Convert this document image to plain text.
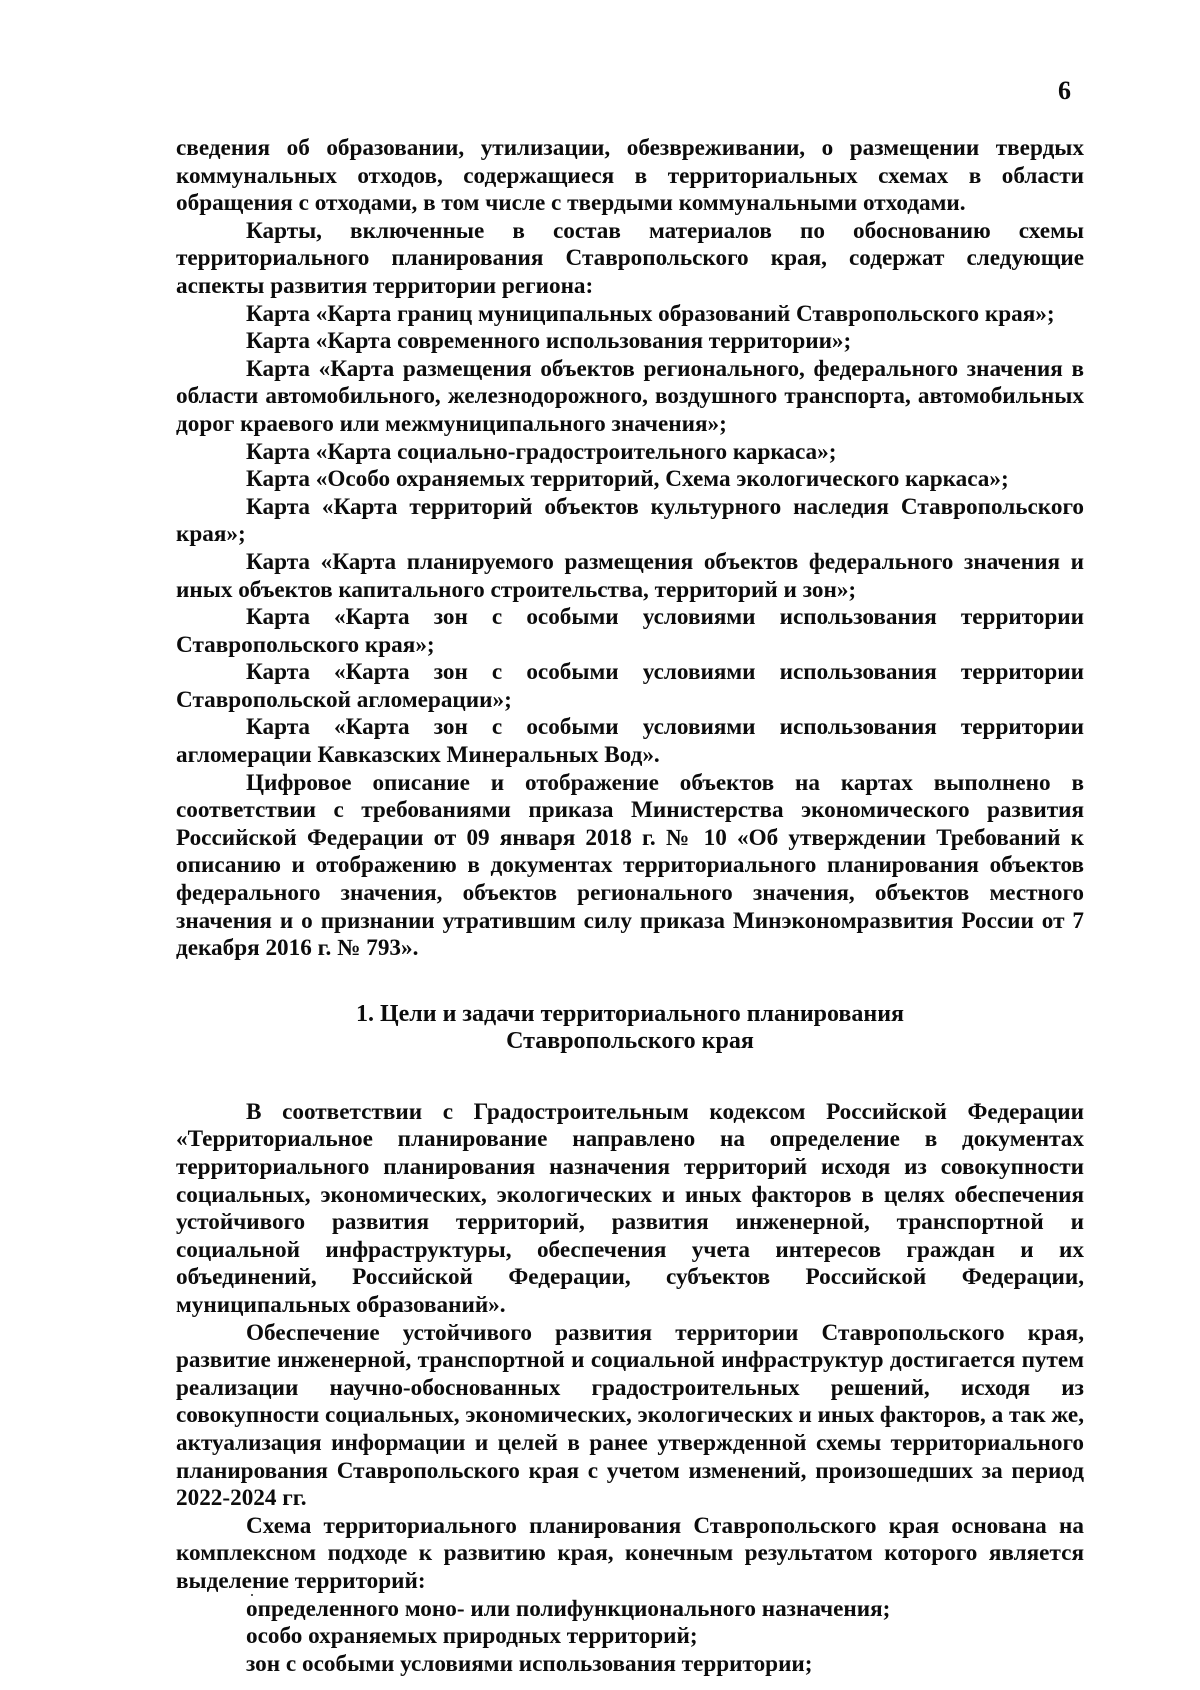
6

сведения об образовании, утилизации, обезвреживании, о размещении твердых коммунальных отходов, содержащиеся в территориальных схемах в области обращения с отходами, в том числе с твердыми коммунальными отходами.

Карты, включенные в состав материалов по обоснованию схемы территориального планирования Ставропольского края, содержат следующие аспекты развития территории региона:

Карта «Карта границ муниципальных образований Ставропольского края»;

Карта «Карта современного использования территории»;

Карта «Карта размещения объектов регионального, федерального значения в области автомобильного, железнодорожного, воздушного транспорта, автомобильных дорог краевого или межмуниципального значения»;

Карта «Карта социально-градостроительного каркаса»;

Карта «Особо охраняемых территорий, Схема экологического каркаса»;

Карта «Карта территорий объектов культурного наследия Ставропольского края»;

Карта «Карта планируемого размещения объектов федерального значения и иных объектов капитального строительства, территорий и зон»;

Карта «Карта зон с особыми условиями использования территории Ставропольского края»;

Карта «Карта зон с особыми условиями использования территории Ставропольской агломерации»;

Карта «Карта зон с особыми условиями использования территории агломерации Кавказских Минеральных Вод».

Цифровое описание и отображение объектов на картах выполнено в соответствии с требованиями приказа Министерства экономического развития Российской Федерации от 09 января 2018 г. № 10 «Об утверждении Требований к описанию и отображению в документах территориального планирования объектов федерального значения, объектов регионального значения, объектов местного значения и о признании утратившим силу приказа Минэкономразвития России от 7 декабря 2016 г. № 793».

1. Цели и задачи территориального планирования
Ставропольского края

В соответствии с Градостроительным кодексом Российской Федерации «Территориальное планирование направлено на определение в документах территориального планирования назначения территорий исходя из совокупности социальных, экономических, экологических и иных факторов в целях обеспечения устойчивого развития территорий, развития инженерной, транспортной и социальной инфраструктуры, обеспечения учета интересов граждан и их объединений, Российской Федерации, субъектов Российской Федерации, муниципальных образований».

Обеспечение устойчивого развития территории Ставропольского края, развитие инженерной, транспортной и социальной инфраструктур достигается путем реализации научно-обоснованных градостроительных решений, исходя из совокупности социальных, экономических, экологических и иных факторов, а так же, актуализация информации и целей в ранее утвержденной схемы территориального планирования Ставропольского края с учетом изменений, произошедших за период 2022-2024 гг.

Схема территориального планирования Ставропольского края основана на комплексном подходе к развитию края, конечным результатом которого является выделение территорий:

определенного моно- или полифункционального назначения;

особо охраняемых природных территорий;

зон с особыми условиями использования территории;
